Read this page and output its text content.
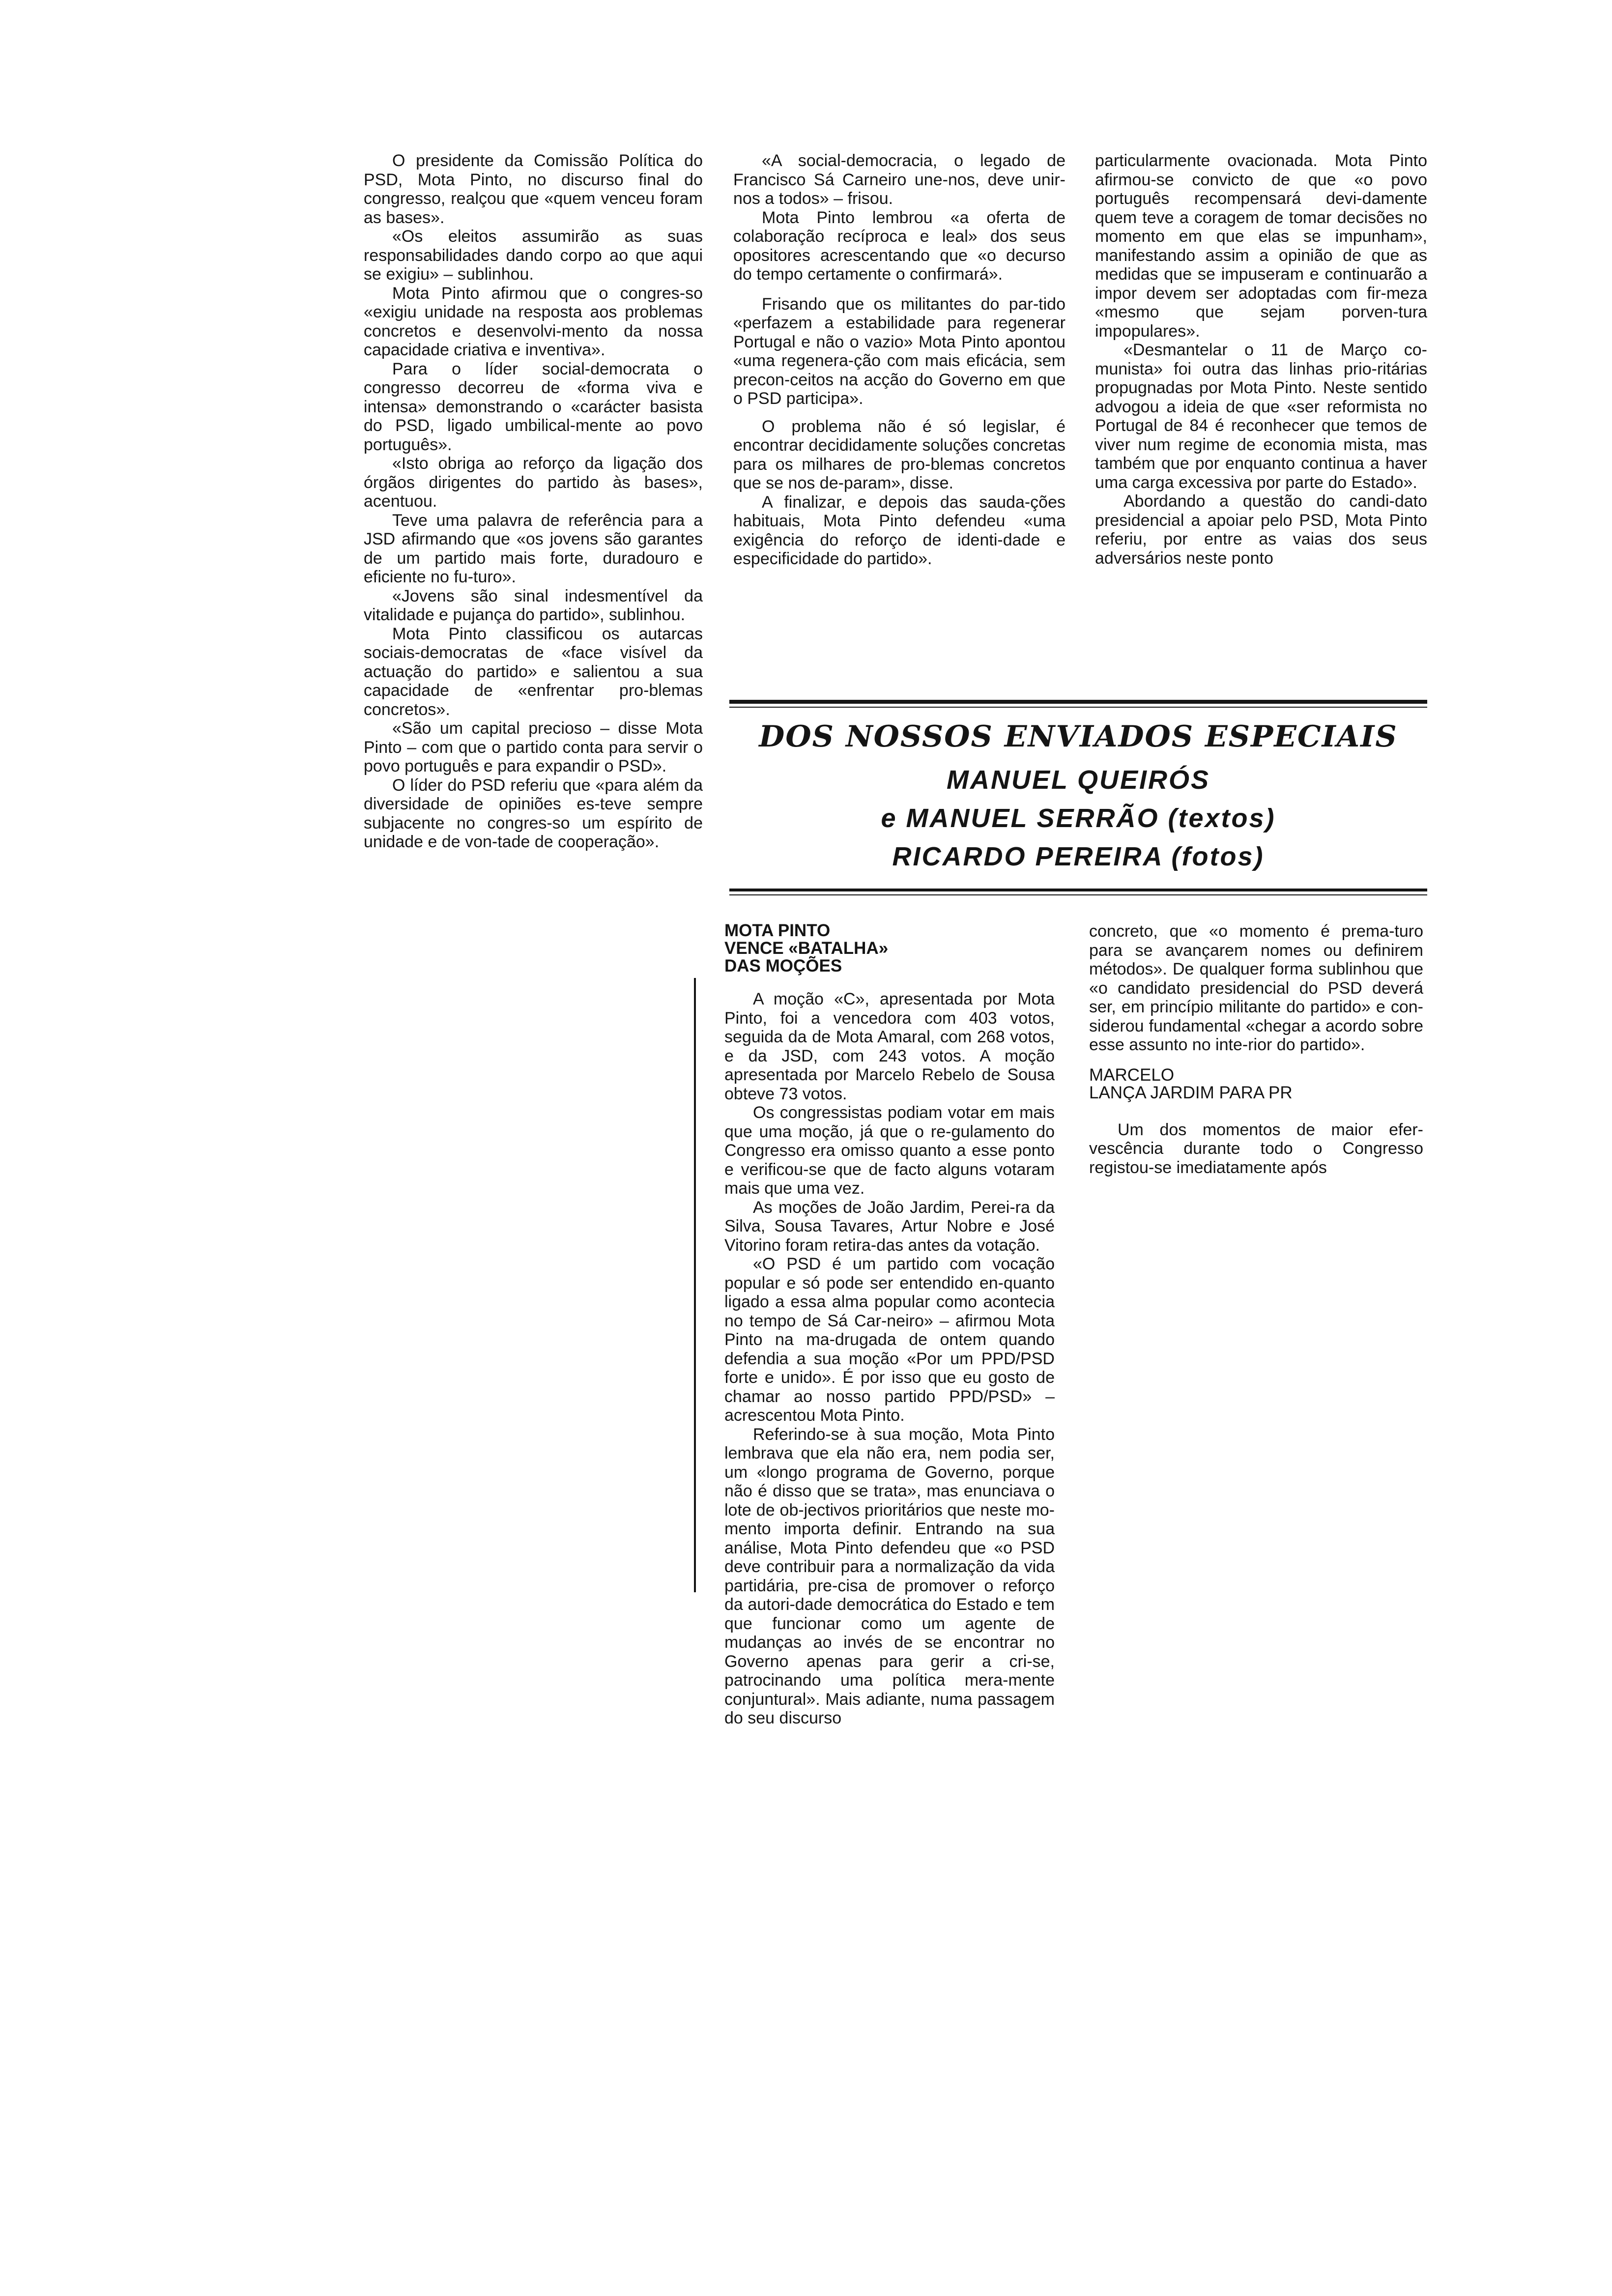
O presidente da Comissão Política do PSD, Mota Pinto, no discurso final do congresso, realçou que «quem venceu foram as bases».

«Os eleitos assumirão as suas responsabilidades dando corpo ao que aqui se exigiu» – sublinhou.

Mota Pinto afirmou que o congres-so «exigiu unidade na resposta aos problemas concretos e desenvolvi-mento da nossa capacidade criativa e inventiva».

Para o líder social-democrata o congresso decorreu de «forma viva e intensa» demonstrando o «carácter basista do PSD, ligado umbilical-mente ao povo português».

«Isto obriga ao reforço da ligação dos órgãos dirigentes do partido às bases», acentuou.

Teve uma palavra de referência para a JSD afirmando que «os jovens são garantes de um partido mais forte, duradouro e eficiente no fu-turo».

«Jovens são sinal indesmentível da vitalidade e pujança do partido», sublinhou.

Mota Pinto classificou os autarcas sociais-democratas de «face visível da actuação do partido» e salientou a sua capacidade de «enfrentar pro-blemas concretos».

«São um capital precioso – disse Mota Pinto – com que o partido conta para servir o povo português e para expandir o PSD».

O líder do PSD referiu que «para além da diversidade de opiniões es-teve sempre subjacente no congres-so um espírito de unidade e de von-tade de cooperação».

«A social-democracia, o legado de Francisco Sá Carneiro une-nos, deve unir-nos a todos» – frisou.

Mota Pinto lembrou «a oferta de colaboração recíproca e leal» dos seus opositores acrescentando que «o decurso do tempo certamente o confirmará».

Frisando que os militantes do par-tido «perfazem a estabilidade para regenerar Portugal e não o vazio» Mota Pinto apontou «uma regenera-ção com mais eficácia, sem precon-ceitos na acção do Governo em que o PSD participa».

O problema não é só legislar, é encontrar decididamente soluções concretas para os milhares de pro-blemas concretos que se nos de-param», disse.

A finalizar, e depois das sauda-ções habituais, Mota Pinto defendeu «uma exigência do reforço de identi-dade e especificidade do partido».

particularmente ovacionada. Mota Pinto afirmou-se convicto de que «o povo português recompensará devi-damente quem teve a coragem de tomar decisões no momento em que elas se impunham», manifestando assim a opinião de que as medidas que se impuseram e continuarão a impor devem ser adoptadas com fir-meza «mesmo que sejam porven-tura impopulares».

«Desmantelar o 11 de Março co-munista» foi outra das linhas prio-ritárias propugnadas por Mota Pinto. Neste sentido advogou a ideia de que «ser reformista no Portugal de 84 é reconhecer que temos de viver num regime de economia mista, mas também que por enquanto continua a haver uma carga excessiva por parte do Estado».

Abordando a questão do candi-dato presidencial a apoiar pelo PSD, Mota Pinto referiu, por entre as vaias dos seus adversários neste ponto

DOS NOSSOS ENVIADOS ESPECIAIS
MANUEL QUEIRÓS
e MANUEL SERRÃO (textos)
RICARDO PEREIRA (fotos)
MOTA PINTO
VENCE «BATALHA»
DAS MOÇÕES

A moção «C», apresentada por Mota Pinto, foi a vencedora com 403 votos, seguida da de Mota Amaral, com 268 votos, e da JSD, com 243 votos. A moção apresentada por Marcelo Rebelo de Sousa obteve 73 votos.

Os congressistas podiam votar em mais que uma moção, já que o re-gulamento do Congresso era omisso quanto a esse ponto e verificou-se que de facto alguns votaram mais que uma vez.

As moções de João Jardim, Perei-ra da Silva, Sousa Tavares, Artur Nobre e José Vitorino foram retira-das antes da votação.

«O PSD é um partido com vocação popular e só pode ser entendido en-quanto ligado a essa alma popular como acontecia no tempo de Sá Car-neiro» – afirmou Mota Pinto na ma-drugada de ontem quando defendia a sua moção «Por um PPD/PSD forte e unido». É por isso que eu gosto de chamar ao nosso partido PPD/PSD» – acrescentou Mota Pinto.

Referindo-se à sua moção, Mota Pinto lembrava que ela não era, nem podia ser, um «longo programa de Governo, porque não é disso que se trata», mas enunciava o lote de ob-jectivos prioritários que neste mo-mento importa definir. Entrando na sua análise, Mota Pinto defendeu que «o PSD deve contribuir para a normalização da vida partidária, pre-cisa de promover o reforço da autori-dade democrática do Estado e tem que funcionar como um agente de mudanças ao invés de se encontrar no Governo apenas para gerir a cri-se, patrocinando uma política mera-mente conjuntural». Mais adiante, numa passagem do seu discurso

concreto, que «o momento é prema-turo para se avançarem nomes ou definirem métodos». De qualquer forma sublinhou que «o candidato presidencial do PSD deverá ser, em princípio militante do partido» e con-siderou fundamental «chegar a acordo sobre esse assunto no inte-rior do partido».

MARCELO
LANÇA JARDIM PARA PR

Um dos momentos de maior efer-vescência durante todo o Congresso registou-se imediatamente após
